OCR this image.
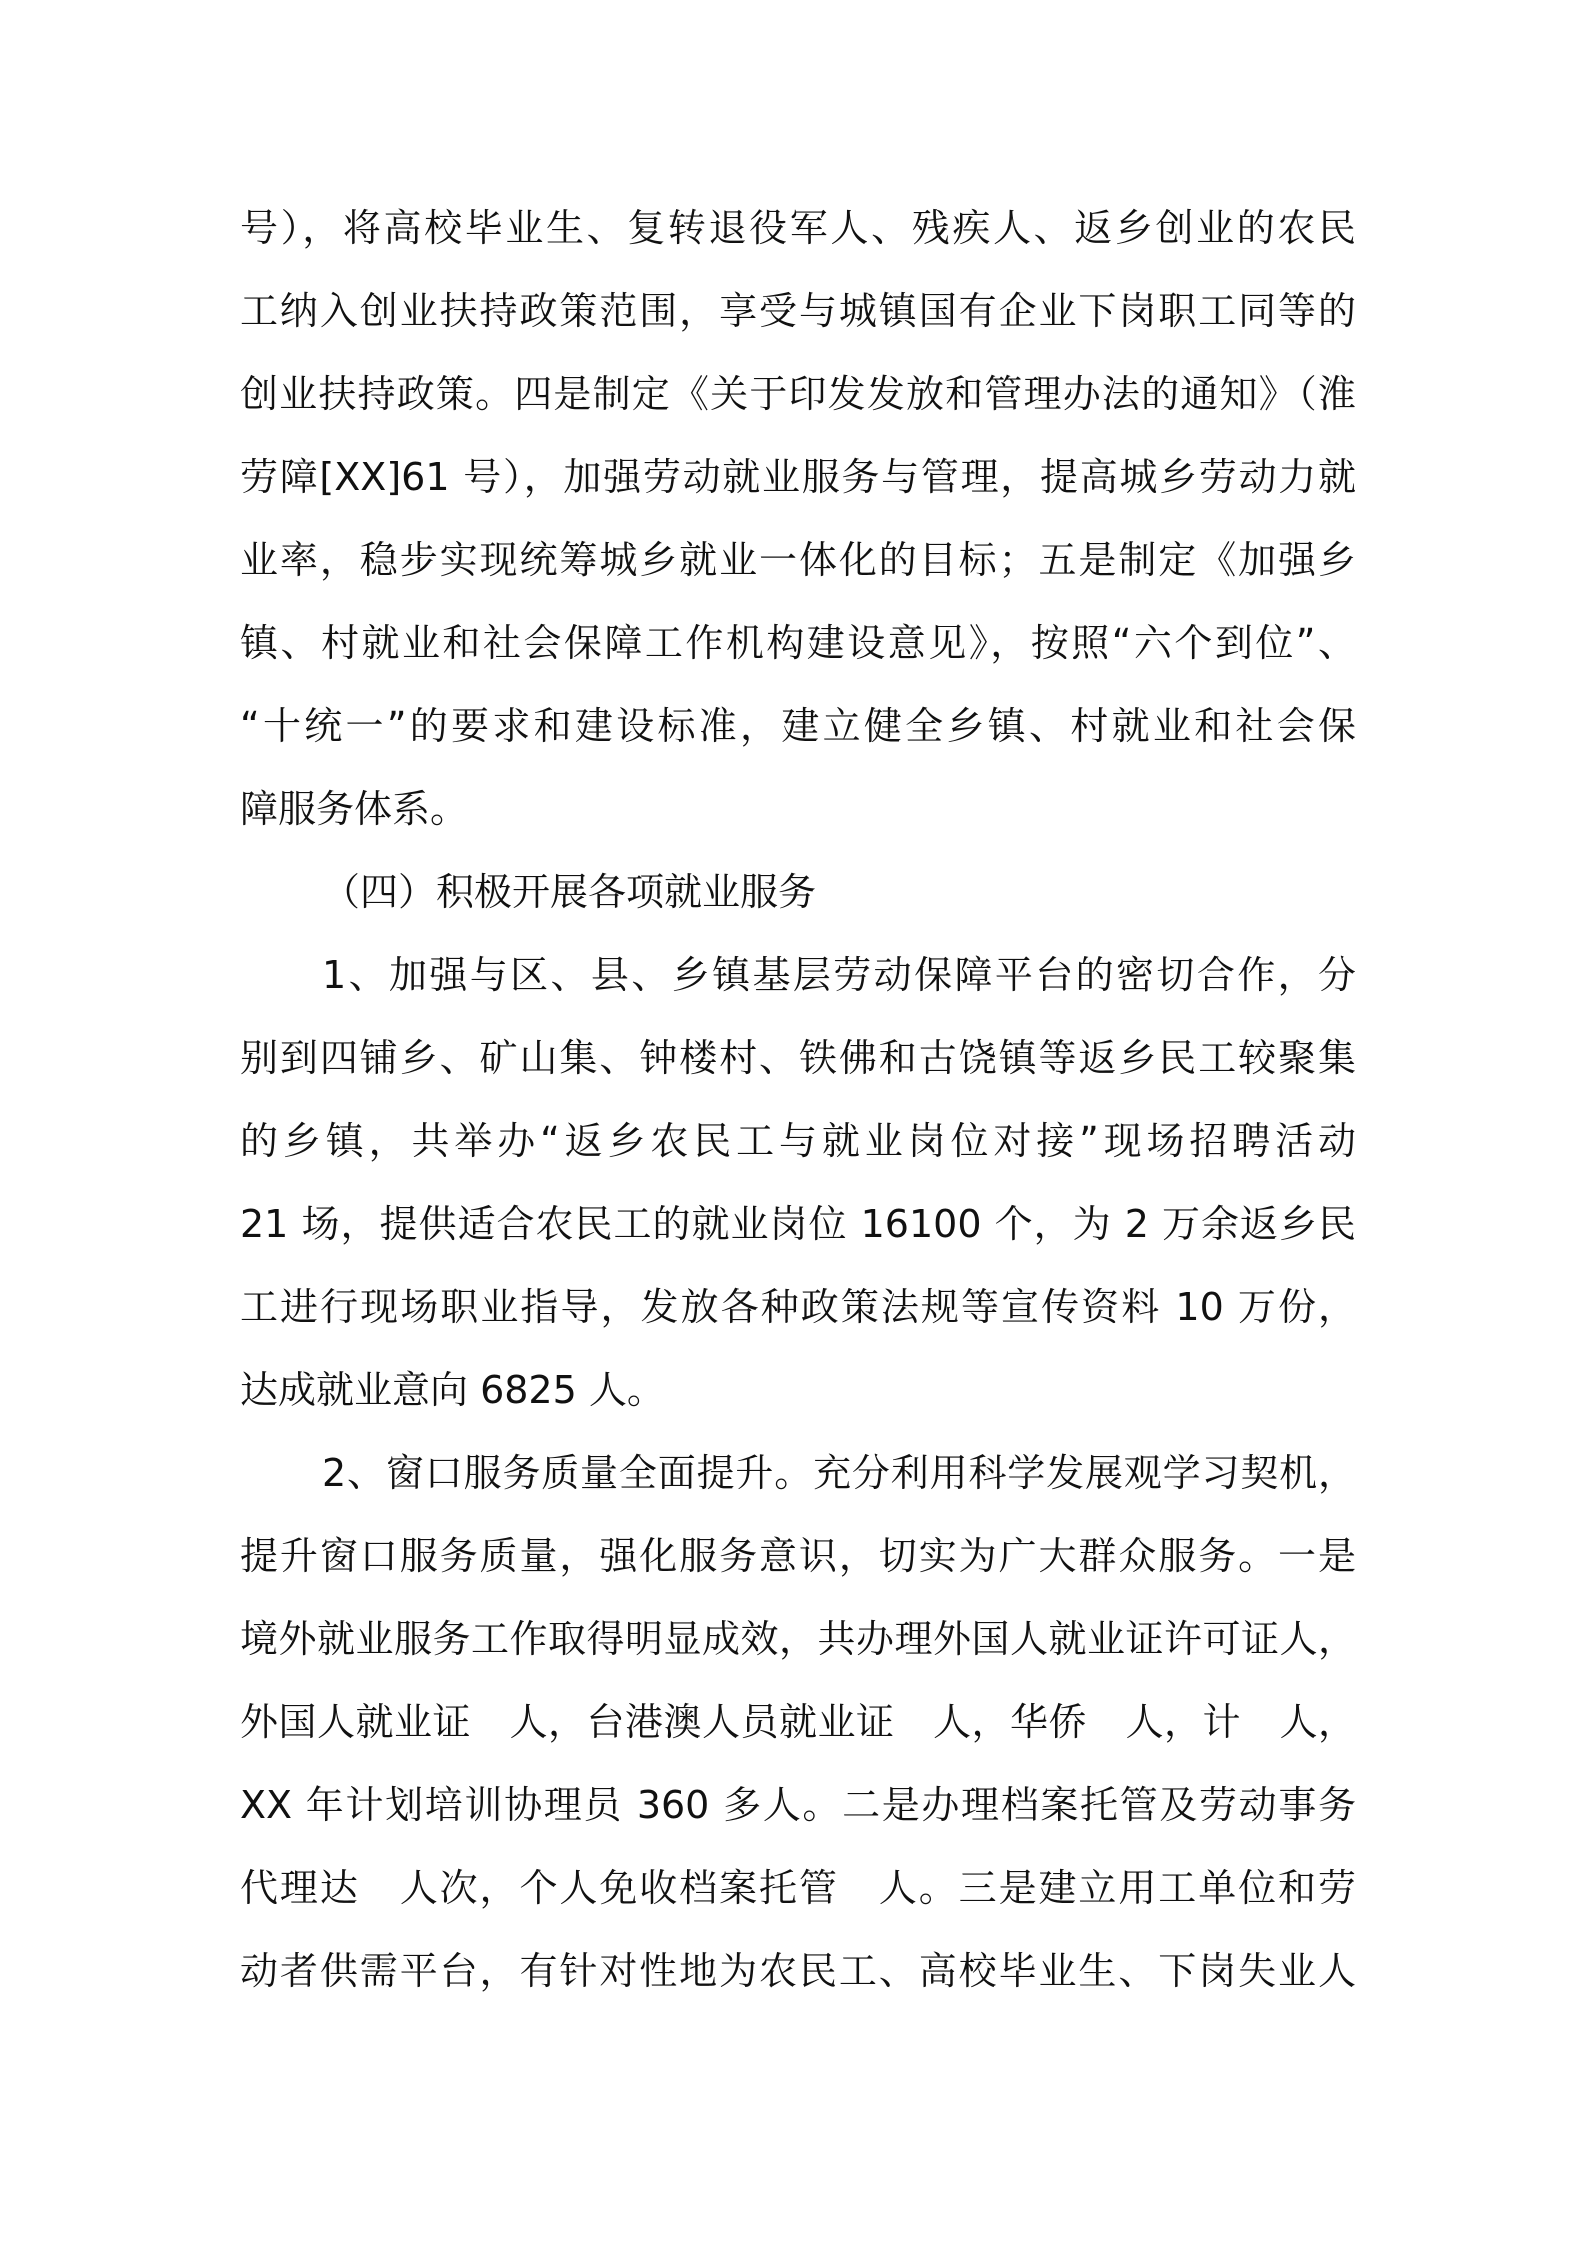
号），将高校毕业生、复转退役军人、残疾人、返乡创业的农民
工纳入创业扶持政策范围，享受与城镇国有企业下岗职工同等的
创业扶持政策。四是制定《关于印发发放和管理办法的通知》（淮
劳障[XX]61 号），加强劳动就业服务与管理，提高城乡劳动力就
业率，稳步实现统筹城乡就业一体化的目标；五是制定《加强乡
镇、村就业和社会保障工作机构建设意见》，按照“六个到位”、
“十统一”的要求和建设标准，建立健全乡镇、村就业和社会保
障服务体系。
（四）积极开展各项就业服务
1、加强与区、县、乡镇基层劳动保障平台的密切合作，分
别到四铺乡、矿山集、钟楼村、铁佛和古饶镇等返乡民工较聚集
的乡镇，共举办“返乡农民工与就业岗位对接”现场招聘活动
21 场，提供适合农民工的就业岗位 16100 个，为 2 万余返乡民
工进行现场职业指导，发放各种政策法规等宣传资料 10 万份，
达成就业意向 6825 人。
2、窗口服务质量全面提升。充分利用科学发展观学习契机，
提升窗口服务质量，强化服务意识，切实为广大群众服务。一是
境外就业服务工作取得明显成效，共办理外国人就业证许可证人，
外国人就业证　人，台港澳人员就业证　人，华侨　人，计　人，
XX 年计划培训协理员 360 多人。二是办理档案托管及劳动事务
代理达　人次，个人免收档案托管　人。三是建立用工单位和劳
动者供需平台，有针对性地为农民工、高校毕业生、下岗失业人
